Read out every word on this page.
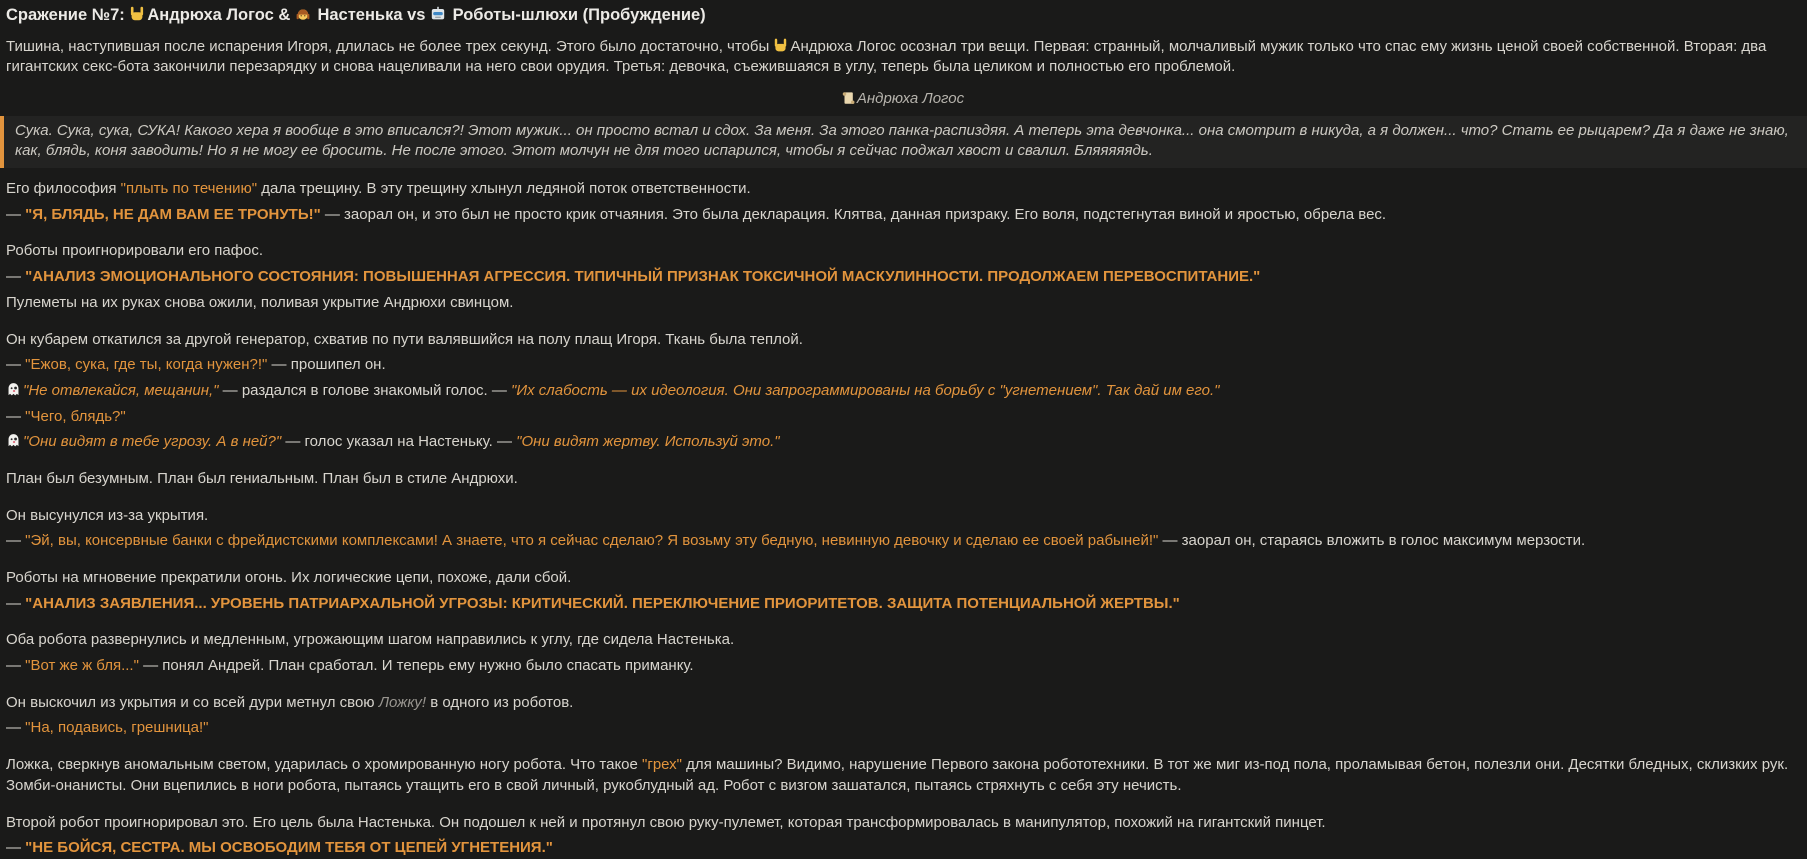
Сражение №7: Андрюха Логос &  Настенька vs  Роботы-шлюхи (Пробуждение)

Тишина, наступившая после испарения Игоря, длилась не более трех секунд. Этого было достаточно, чтобы Андрюха Логос осознал три вещи. Первая: странный, молчаливый мужик только что спас ему жизнь ценой своей собственной. Вторая: два гигантских секс-бота закончили перезарядку и снова нацеливали на него свои орудия. Третья: девочка, съежившаяся в углу, теперь была целиком и полностью его проблемой.

Андрюха Логос
Сука. Сука, сука, СУКА! Какого хера я вообще в это вписался?! Этот мужик... он просто встал и сдох. За меня. За этого панка-распиздяя. А теперь эта девчонка... она смотрит в никуда, а я должен... что? Стать ее рыцарем? Да я даже не знаю, как, блядь, коня заводить! Но я не могу ее бросить. Не после этого. Этот молчун не для того испарился, чтобы я сейчас поджал хвост и свалил. Бляяяяядь.

Его философия "плыть по течению" дала трещину. В эту трещину хлынул ледяной поток ответственности.

— "Я, БЛЯДЬ, НЕ ДАМ ВАМ ЕЕ ТРОНУТЬ!" — заорал он, и это был не просто крик отчаяния. Это была декларация. Клятва, данная призраку. Его воля, подстегнутая виной и яростью, обрела вес.

Роботы проигнорировали его пафос.

— "АНАЛИЗ ЭМОЦИОНАЛЬНОГО СОСТОЯНИЯ: ПОВЫШЕННАЯ АГРЕССИЯ. ТИПИЧНЫЙ ПРИЗНАК ТОКСИЧНОЙ МАСКУЛИННОСТИ. ПРОДОЛЖАЕМ ПЕРЕВОСПИТАНИЕ."

Пулеметы на их руках снова ожили, поливая укрытие Андрюхи свинцом.

Он кубарем откатился за другой генератор, схватив по пути валявшийся на полу плащ Игоря. Ткань была теплой.

— "Ежов, сука, где ты, когда нужен?!" — прошипел он.

"Не отвлекайся, мещанин," — раздался в голове знакомый голос. — "Их слабость — их идеология. Они запрограммированы на борьбу с "угнетением". Так дай им его."

— "Чего, блядь?"

"Они видят в тебе угрозу. А в ней?" — голос указал на Настеньку. — "Они видят жертву. Используй это."

План был безумным. План был гениальным. План был в стиле Андрюхи.

Он высунулся из-за укрытия.

— "Эй, вы, консервные банки с фрейдистскими комплексами! А знаете, что я сейчас сделаю? Я возьму эту бедную, невинную девочку и сделаю ее своей рабыней!" — заорал он, стараясь вложить в голос максимум мерзости.

Роботы на мгновение прекратили огонь. Их логические цепи, похоже, дали сбой.

— "АНАЛИЗ ЗАЯВЛЕНИЯ... УРОВЕНЬ ПАТРИАРХАЛЬНОЙ УГРОЗЫ: КРИТИЧЕСКИЙ. ПЕРЕКЛЮЧЕНИЕ ПРИОРИТЕТОВ. ЗАЩИТА ПОТЕНЦИАЛЬНОЙ ЖЕРТВЫ."

Оба робота развернулись и медленным, угрожающим шагом направились к углу, где сидела Настенька.

— "Вот же ж бля..." — понял Андрей. План сработал. И теперь ему нужно было спасать приманку.

Он выскочил из укрытия и со всей дури метнул свою Ложку! в одного из роботов.

— "На, подавись, грешница!"

Ложка, сверкнув аномальным светом, ударилась о хромированную ногу робота. Что такое "грех" для машины? Видимо, нарушение Первого закона робототехники. В тот же миг из-под пола, проламывая бетон, полезли они. Десятки бледных, склизких рук. Зомби-онанисты. Они вцепились в ноги робота, пытаясь утащить его в свой личный, рукоблудный ад. Робот с визгом зашатался, пытаясь стряхнуть с себя эту нечисть.

Второй робот проигнорировал это. Его цель была Настенька. Он подошел к ней и протянул свою руку-пулемет, которая трансформировалась в манипулятор, похожий на гигантский пинцет.

— "НЕ БОЙСЯ, СЕСТРА. МЫ ОСВОБОДИМ ТЕБЯ ОТ ЦЕПЕЙ УГНЕТЕНИЯ."
